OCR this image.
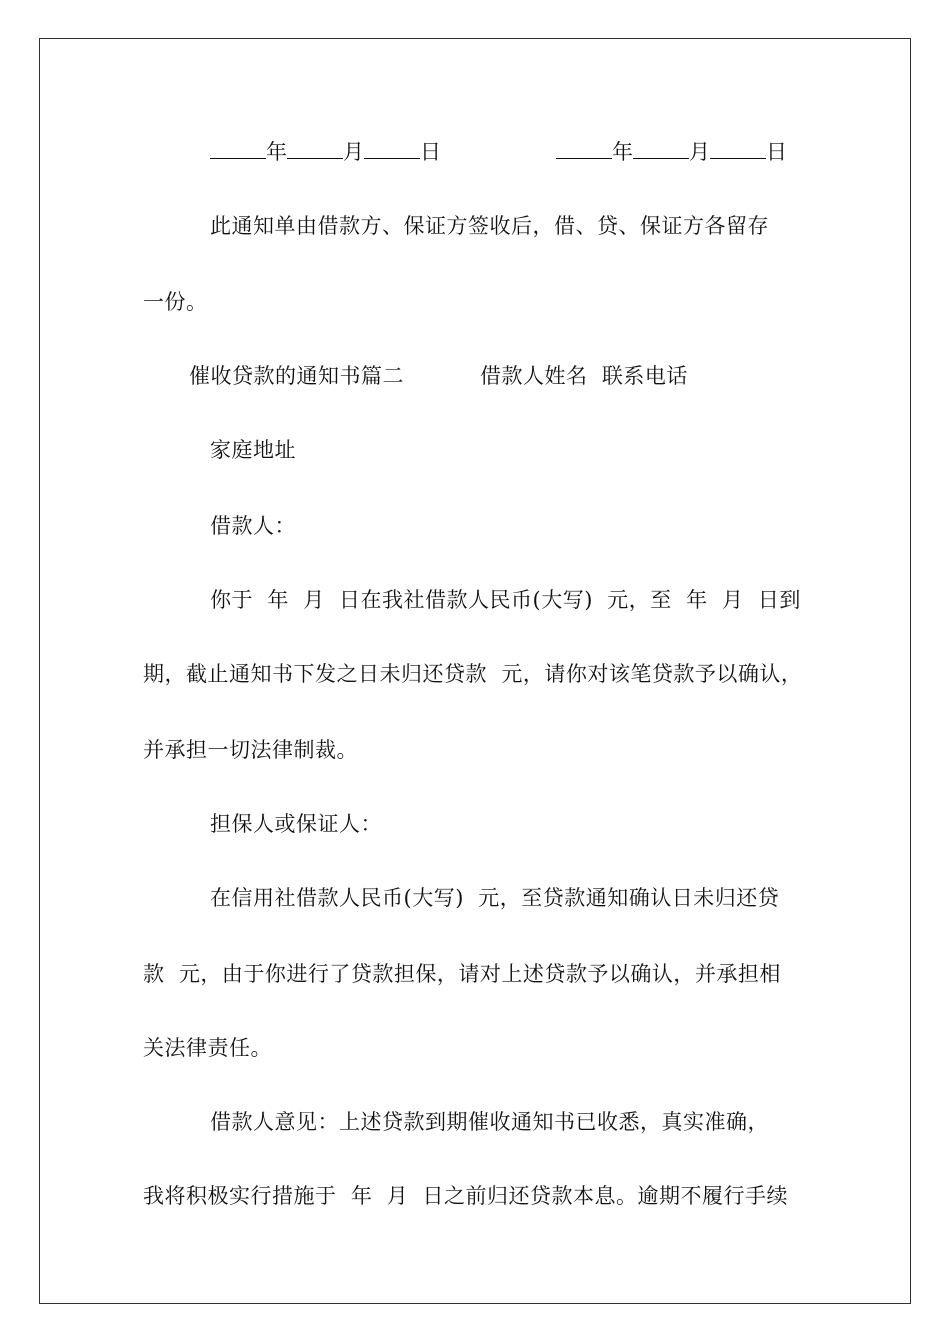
年	月	日	年	月	日
此通知单由借款方、保证方签收后，借、贷、保证方各留存
一份。
催收贷款的通知书篇二	借款人姓名  联系电话
家庭地址
借款人：
你于  年  月  日在我社借款人民币(大写)  元，至  年  月  日到
期，截止通知书下发之日未归还贷款  元，请你对该笔贷款予以确认，
并承担一切法律制裁。
担保人或保证人：
在信用社借款人民币(大写)  元，至贷款通知确认日未归还贷
款  元，由于你进行了贷款担保，请对上述贷款予以确认，并承担相
关法律责任。
借款人意见：上述贷款到期催收通知书已收悉，真实准确，
我将积极实行措施于  年  月  日之前归还贷款本息。逾期不履行手续
